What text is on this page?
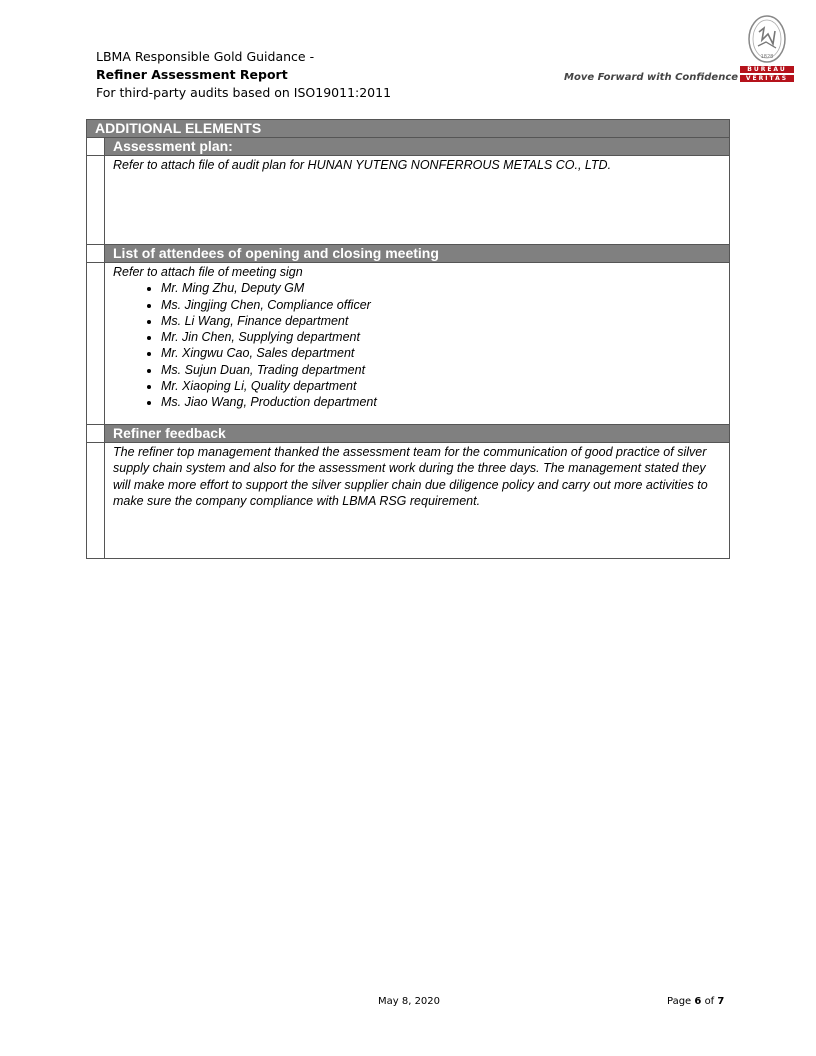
LBMA Responsible Gold Guidance -
Refiner Assessment Report
For third-party audits based on ISO19011:2011
Move Forward with Confidence
1828
BUREAU
VERITAS
ADDITIONAL ELEMENTS
Assessment plan:
Refer to attach file of audit plan for HUNAN YUTENG NONFERROUS METALS CO., LTD.
List of attendees of opening and closing meeting
Refer to attach file of meeting sign
• Mr. Ming Zhu, Deputy GM
• Ms. Jingjing Chen, Compliance officer
• Ms. Li Wang, Finance department
• Mr. Jin Chen, Supplying department
• Mr. Xingwu Cao, Sales department
• Ms. Sujun Duan, Trading department
• Mr. Xiaoping Li, Quality department
• Ms. Jiao Wang, Production department
Refiner feedback
The refiner top management thanked the assessment team for the communication of good practice of silver supply chain system and also for the assessment work during the three days. The management stated they will make more effort to support the silver supplier chain due diligence policy and carry out more activities to make sure the company compliance with LBMA RSG requirement.
May 8, 2020	Page 6 of 7
